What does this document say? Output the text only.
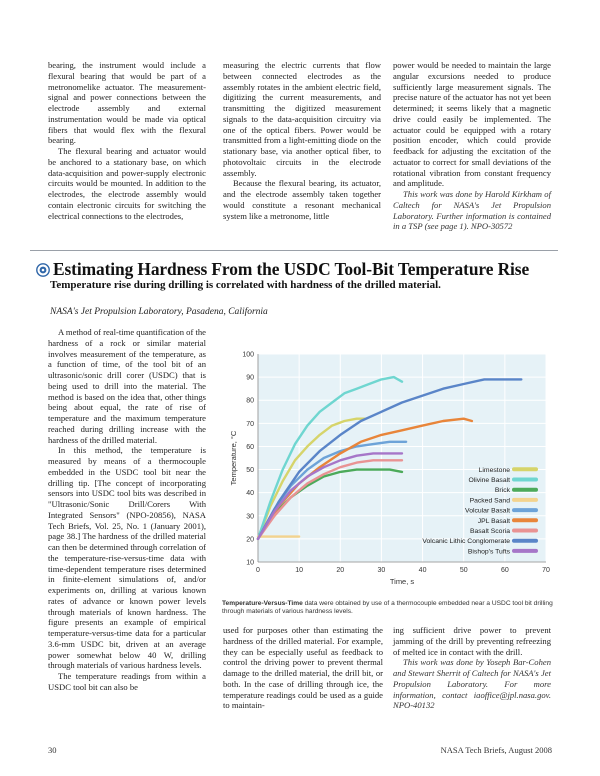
bearing, the instrument would include a flexural bearing that would be part of a metronomelike actuator. The measurement-signal and power connections between the electrode assembly and external instrumentation would be made via optical fibers that would flex with the flexural bearing.

The flexural bearing and actuator would be anchored to a stationary base, on which data-acquisition and power-supply electronic circuits would be mounted. In addition to the electrodes, the electrode assembly would contain electronic circuits for switching the electrical connections to the electrodes,

measuring the electric currents that flow between connected electrodes as the assembly rotates in the ambient electric field, digitizing the current measurements, and transmitting the digitized measurement signals to the data-acquisition circuitry via one of the optical fibers. Power would be transmitted from a light-emitting diode on the stationary base, via another optical fiber, to photovoltaic circuits in the electrode assembly.

Because the flexural bearing, its actuator, and the electrode assembly taken together would constitute a resonant mechanical system like a metronome, little

power would be needed to maintain the large angular excursions needed to produce sufficiently large measurement signals. The precise nature of the actuator has not yet been determined; it seems likely that a magnetic drive could easily be implemented. The actuator could be equipped with a rotary position encoder, which could provide feedback for adjusting the excitation of the actuator to correct for small deviations of the rotational vibration from constant frequency and amplitude.

This work was done by Harold Kirkham of Caltech for NASA's Jet Propulsion Laboratory. Further information is contained in a TSP (see page 1). NPO-30572

Estimating Hardness From the USDC Tool-Bit Temperature Rise
Temperature rise during drilling is correlated with hardness of the drilled material.
NASA's Jet Propulsion Laboratory, Pasadena, California

A method of real-time quantification of the hardness of a rock or similar material involves measurement of the temperature, as a function of time, of the tool bit of an ultrasonic/sonic drill corer (USDC) that is being used to drill into the material. The method is based on the idea that, other things being about equal, the rate of rise of temperature and the maximum temperature reached during drilling increase with the hardness of the drilled material.

In this method, the temperature is measured by means of a thermocouple embedded in the USDC tool bit near the drilling tip. [The concept of incorporating sensors into USDC tool bits was described in "Ultrasonic/Sonic Drill/Corers With Integrated Sensors" (NPO-20856), NASA Tech Briefs, Vol. 25, No. 1 (January 2001), page 38.] The hardness of the drilled material can then be determined through correlation of the temperature-rise-versus-time data with time-dependent temperature rises determined in finite-element simulations of, and/or experiments on, drilling at various known rates of advance or known power levels through materials of known hardness. The figure presents an example of empirical temperature-versus-time data for a particular 3.6-mm USDC bit, driven at an average power somewhat below 40 W, drilling through materials of various hardness levels.

The temperature readings from within a USDC tool bit can also be

10
20
30
40
50
60
70
80
90
100
0	10	20	30	40	50	60	70
Time, s
Temperature, °C	Limestone
Olivine Basalt
Brick
Packed Sand
Volcular Basalt
JPL Basalt
Basalt Scoria
Volcanic Lithic Conglomerate
Bishop's Tufts
Temperature-Versus-Time data were obtained by use of a thermocouple embedded near a USDC tool bit drilling through materials of various hardness levels.

used for purposes other than estimating the hardness of the drilled material. For example, they can be especially useful as feedback to control the driving power to prevent thermal damage to the drilled material, the drill bit, or both. In the case of drilling through ice, the temperature readings could be used as a guide to maintain-

ing sufficient drive power to prevent jamming of the drill by preventing refreezing of melted ice in contact with the drill.

This work was done by Yoseph Bar-Cohen and Stewart Sherrit of Caltech for NASA's Jet Propulsion Laboratory. For more information, contact iaoffice@jpl.nasa.gov. NPO-40132

30	NASA Tech Briefs, August 2008
